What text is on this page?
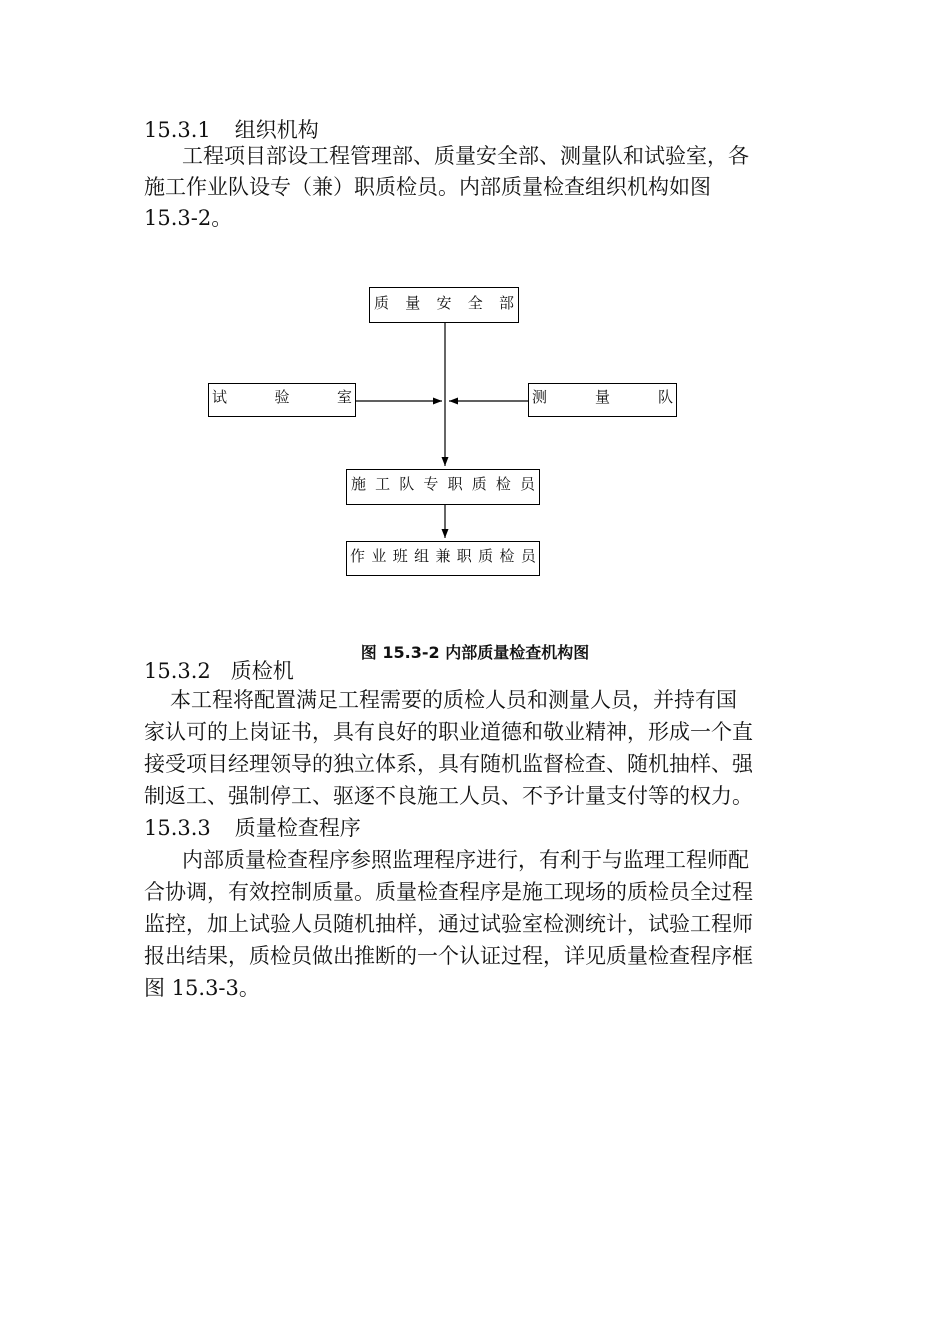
15.3.1 组织机构
工程项目部设工程管理部、质量安全部、测量队和试验室，各
施工作业队设专（兼）职质检员。内部质量检查组织机构如图
15.3-2。
质 量 安 全 部
试	验	室	测	量	队
施 工 队 专 职 质 检 员
作 业 班 组 兼 职 质 检 员
图 15.3-2 内部质量检查机构图
15.3.2 质检机
本工程将配置满足工程需要的质检人员和测量人员，并持有国
家认可的上岗证书，具有良好的职业道德和敬业精神，形成一个直
接受项目经理领导的独立体系，具有随机监督检查、随机抽样、强
制返工、强制停工、驱逐不良施工人员、不予计量支付等的权力。
15.3.3 质量检查程序
内部质量检查程序参照监理程序进行，有利于与监理工程师配
合协调，有效控制质量。质量检查程序是施工现场的质检员全过程
监控，加上试验人员随机抽样，通过试验室检测统计，试验工程师
报出结果，质检员做出推断的一个认证过程，详见质量检查程序框
图 15.3-3。
